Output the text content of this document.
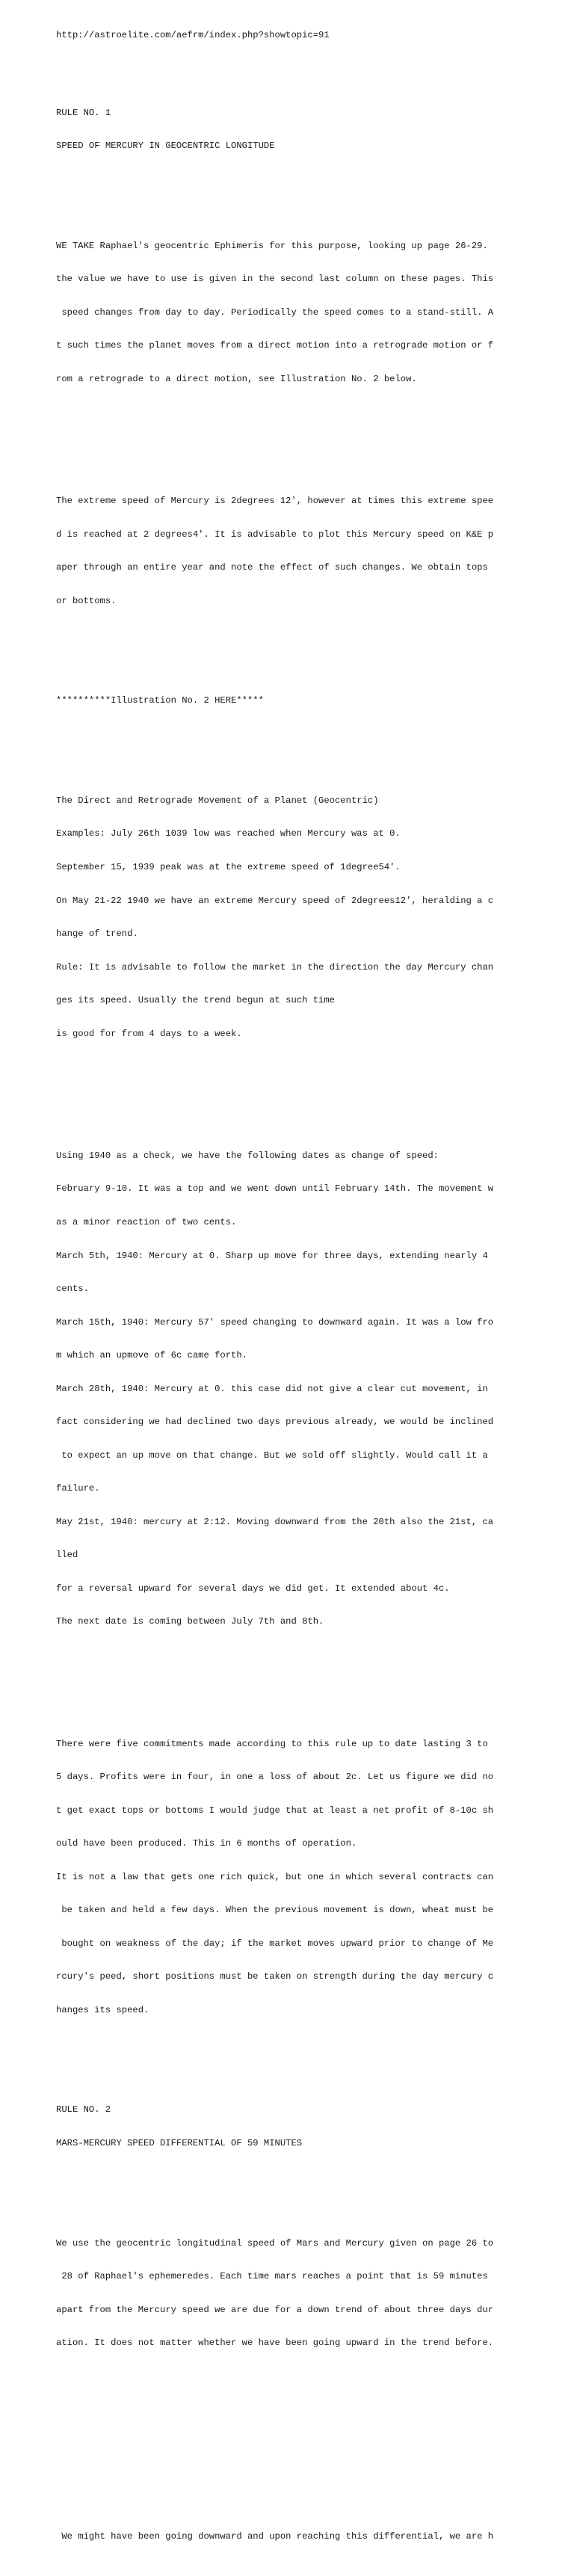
http://astroelite.com/aefrm/index.php?showtopic=91

RULE NO. 1

SPEED OF MERCURY IN GEOCENTRIC LONGITUDE

WE TAKE Raphael's geocentric Ephimeris for this purpose, looking up page 26-29.

the value we have to use is given in the second last column on these pages. This

speed changes from day to day. Periodically the speed comes to a stand-still. A

t such times the planet moves from a direct motion into a retrograde motion or f

rom a retrograde to a direct motion, see Illustration No. 2 below.

The extreme speed of Mercury is 2degrees 12', however at times this extreme spee

d is reached at 2 degrees4'. It is advisable to plot this Mercury speed on K&E p

aper through an entire year and note the effect of such changes. We obtain tops

or bottoms.

**********Illustration No. 2 HERE*****

The Direct and Retrograde Movement of a Planet (Geocentric)

Examples: July 26th 1039 low was reached when Mercury was at 0.

September 15, 1939 peak was at the extreme speed of 1degree54'.

On May 21-22 1940 we have an extreme Mercury speed of 2degrees12', heralding a c

hange of trend.

Rule: It is advisable to follow the market in the direction the day Mercury chan

ges its speed. Usually the trend begun at such time

is good for from 4 days to a week.

Using 1940 as a check, we have the following dates as change of speed:

February 9-10. It was a top and we went down until February 14th. The movement w

as a minor reaction of two cents.

March 5th, 1940: Mercury at 0. Sharp up move for three days, extending nearly 4

cents.

March 15th, 1940: Mercury 57' speed changing to downward again. It was a low fro

m which an upmove of 6c came forth.

March 28th, 1940: Mercury at 0. this case did not give a clear cut movement, in

fact considering we had declined two days previous already, we would be inclined

to expect an up move on that change. But we sold off slightly. Would call it a

failure.

May 21st, 1940: mercury at 2:12. Moving downward from the 20th also the 21st, ca

lled

for a reversal upward for several days we did get. It extended about 4c.

The next date is coming between July 7th and 8th.

There were five commitments made according to this rule up to date lasting 3 to

5 days. Profits were in four, in one a loss of about 2c. Let us figure we did no

t get exact tops or bottoms I would judge that at least a net profit of 8-10c sh

ould have been produced. This in 6 months of operation.

It is not a law that gets one rich quick, but one in which several contracts can

be taken and held a few days. When the previous movement is down, wheat must be

bought on weakness of the day; if the market moves upward prior to change of Me

rcury's peed, short positions must be taken on strength during the day mercury c

hanges its speed.

RULE NO. 2

MARS-MERCURY SPEED DIFFERENTIAL OF 59 MINUTES

We use the geocentric longitudinal speed of Mars and Mercury given on page 26 to

28 of Raphael's ephemeredes. Each time mars reaches a point that is 59 minutes

apart from the Mercury speed we are due for a down trend of about three days dur

ation. It does not matter whether we have been going upward in the trend before.

We might have been going downward and upon reaching this differential, we are h
